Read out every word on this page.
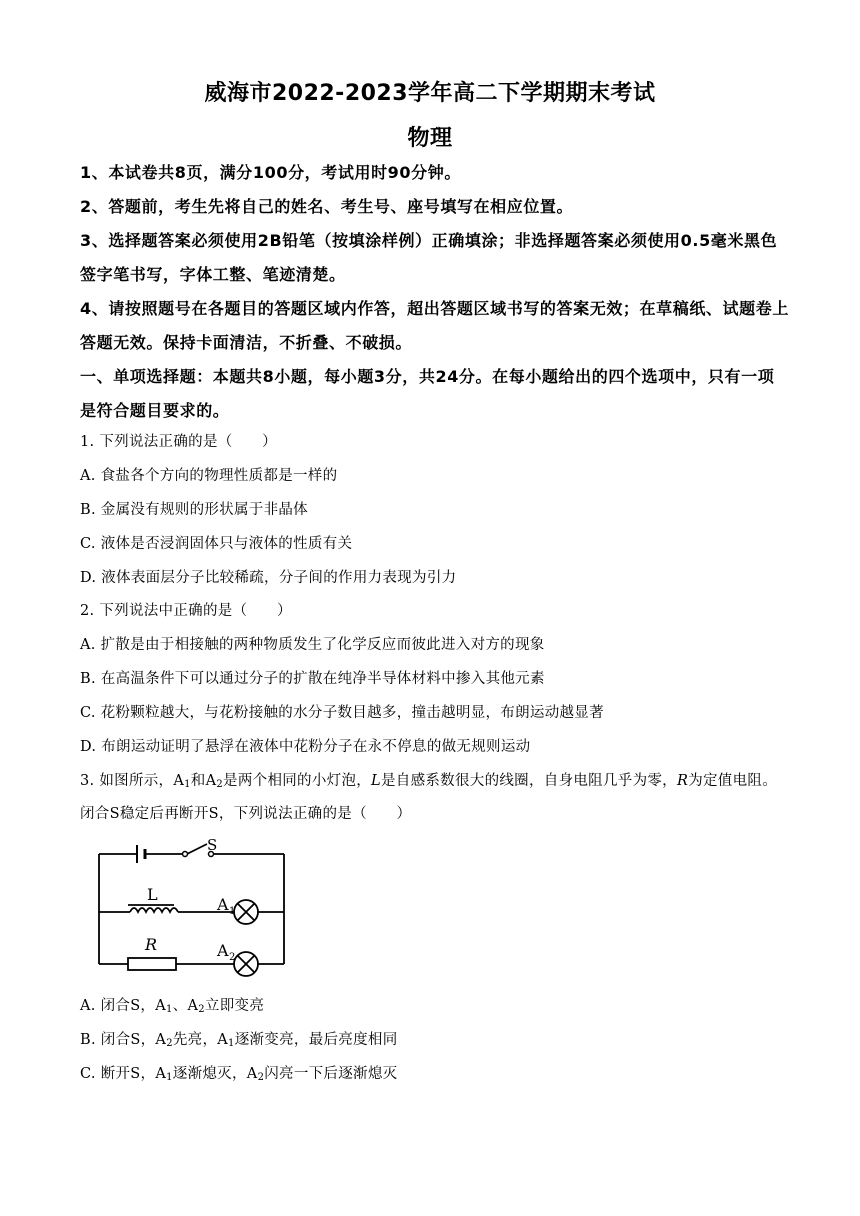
威海市2022-2023学年高二下学期期末考试
物理
1、本试卷共8页，满分100分，考试用时90分钟。
2、答题前，考生先将自己的姓名、考生号、座号填写在相应位置。
3、选择题答案必须使用2B铅笔（按填涂样例）正确填涂；非选择题答案必须使用0.5毫米黑色签字笔书写，字体工整、笔迹清楚。
4、请按照题号在各题目的答题区域内作答，超出答题区域书写的答案无效；在草稿纸、试题卷上答题无效。保持卡面清洁，不折叠、不破损。
一、单项选择题：本题共8小题，每小题3分，共24分。在每小题给出的四个选项中，只有一项是符合题目要求的。
1. 下列说法正确的是（　　）
A. 食盐各个方向的物理性质都是一样的
B. 金属没有规则的形状属于非晶体
C. 液体是否浸润固体只与液体的性质有关
D. 液体表面层分子比较稀疏，分子间的作用力表现为引力
2. 下列说法中正确的是（　　）
A. 扩散是由于相接触的两种物质发生了化学反应而彼此进入对方的现象
B. 在高温条件下可以通过分子的扩散在纯净半导体材料中掺入其他元素
C. 花粉颗粒越大，与花粉接触的水分子数目越多，撞击越明显，布朗运动越显著
D. 布朗运动证明了悬浮在液体中花粉分子在永不停息的做无规则运动
3. 如图所示，$A_1$和$A_2$是两个相同的小灯泡，L是自感系数很大的线圈，自身电阻几乎为零，R为定值电阻。
闭合S稳定后再断开S，下列说法正确的是（　　）
S
L
R
A 1
A 2
A. 闭合S，$A_1$、$A_2$立即变亮
B. 闭合S，$A_2$先亮，$A_1$逐渐变亮，最后亮度相同
C. 断开S，$A_1$逐渐熄灭，$A_2$闪亮一下后逐渐熄灭
